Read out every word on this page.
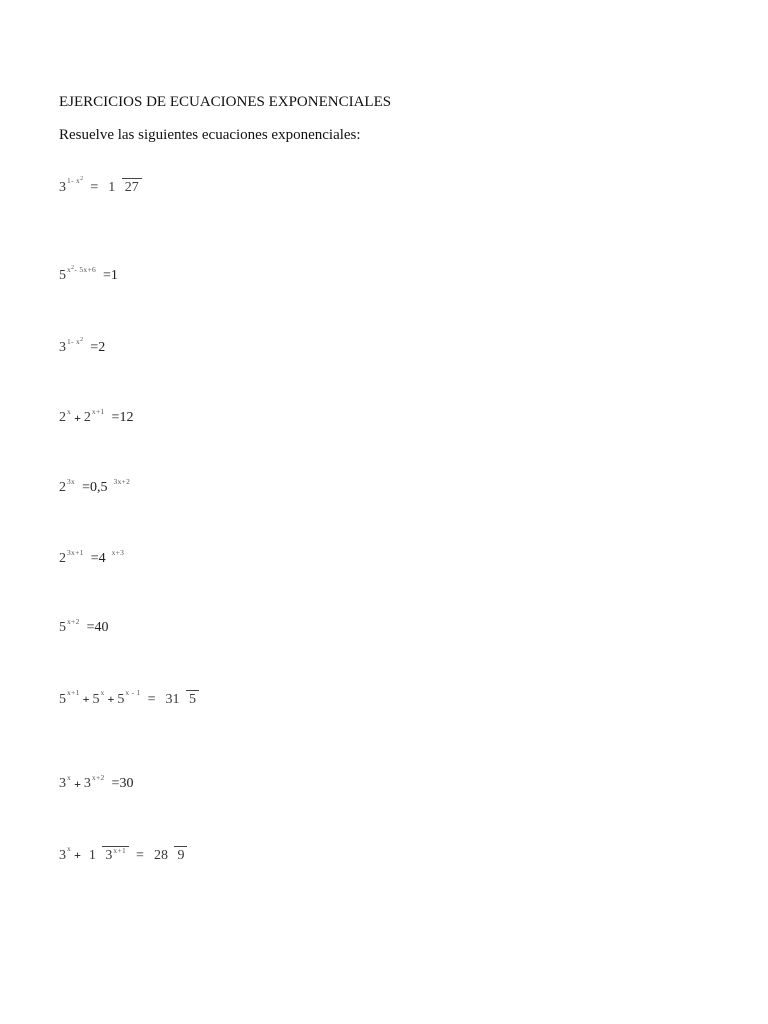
EJERCICIOS DE ECUACIONES EXPONENCIALES
Resuelve las siguientes ecuaciones exponenciales:
3 1- x2
= 1 27
5 x2- 5x+6 =1
3 1- x2
=2
2 x + 2 x+1 =12
2 3x =0,5 3x+2
2 3x+1 =4 x+3
5 x+2 =40
5 x+1 + 5 x + 5 x - 1 = 31 5
3 x + 3 x+2 =30
3 x + 1 3x+1 = 28 9
